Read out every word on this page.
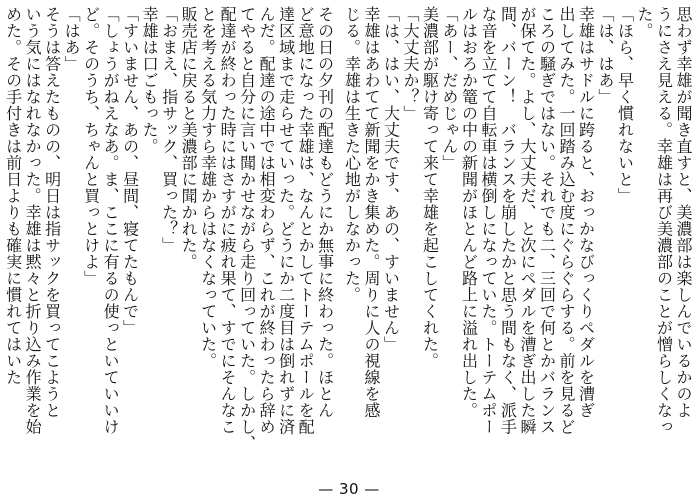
思わず幸雄が聞き直すと、美濃部は楽しんでいるかのよ
うにさえ見える。幸雄は再び美濃部のことが憎らしくなっ
た。
「ほら、早く慣れないと」
「は、はあ」
幸雄はサドルに跨ると、おっかなびっくりペダルを漕ぎ
出してみた。一回踏み込む度にぐらぐらする。前を見るど
ころの騒ぎではない。それでも二、三回で何とかバランス
が保てた。よし、大丈夫だ、と次にペダルを漕ぎ出した瞬
間、バーン！　バランスを崩したかと思う間もなく、派手
な音を立てて自転車は横倒しになっていた。トーテムポー
ルはおろか篭の中の新聞がほとんど路上に溢れ出した。
「あー、だめじゃん」
美濃部が駆け寄って来て幸雄を起こしてくれた。
「大丈夫か？」
「は、はい、大丈夫です、あの、すいません」
幸雄はあわてて新聞をかき集めた。周りに人の視線を感
じる。幸雄は生きた心地がしなかった。
その日の夕刊の配達もどうにか無事に終わった。ほとん
ど意地になった幸雄は、なんとかしてトーテムポールを配
達区域まで走らせていった。どうにか二度目は倒れずに済
んだ。配達の途中では相変わらず、これが終わったら辞め
てやると自分に言い聞かせながら走り回っていた。しかし、
配達が終わった時にはさすがに疲れ果て、すでにそんなこ
とを考える気力すら幸雄からはなくなっていた。
販売店に戻ると美濃部に聞かれた。
「おまえ、指サック、買った？」
幸雄は口ごもった。
「すいません、あの、昼間、寝てたもんで」
「しょうがねえなあ。ま、ここに有るの使っといていいけ
ど。そのうち、ちゃんと買っとけよ」
「はあ」
そうは答えたものの、明日は指サックを買ってこようと
いう気にはなれなかった。幸雄は黙々と折り込み作業を始
めた。その手付きは前日よりも確実に慣れてはいた
— 30 —
